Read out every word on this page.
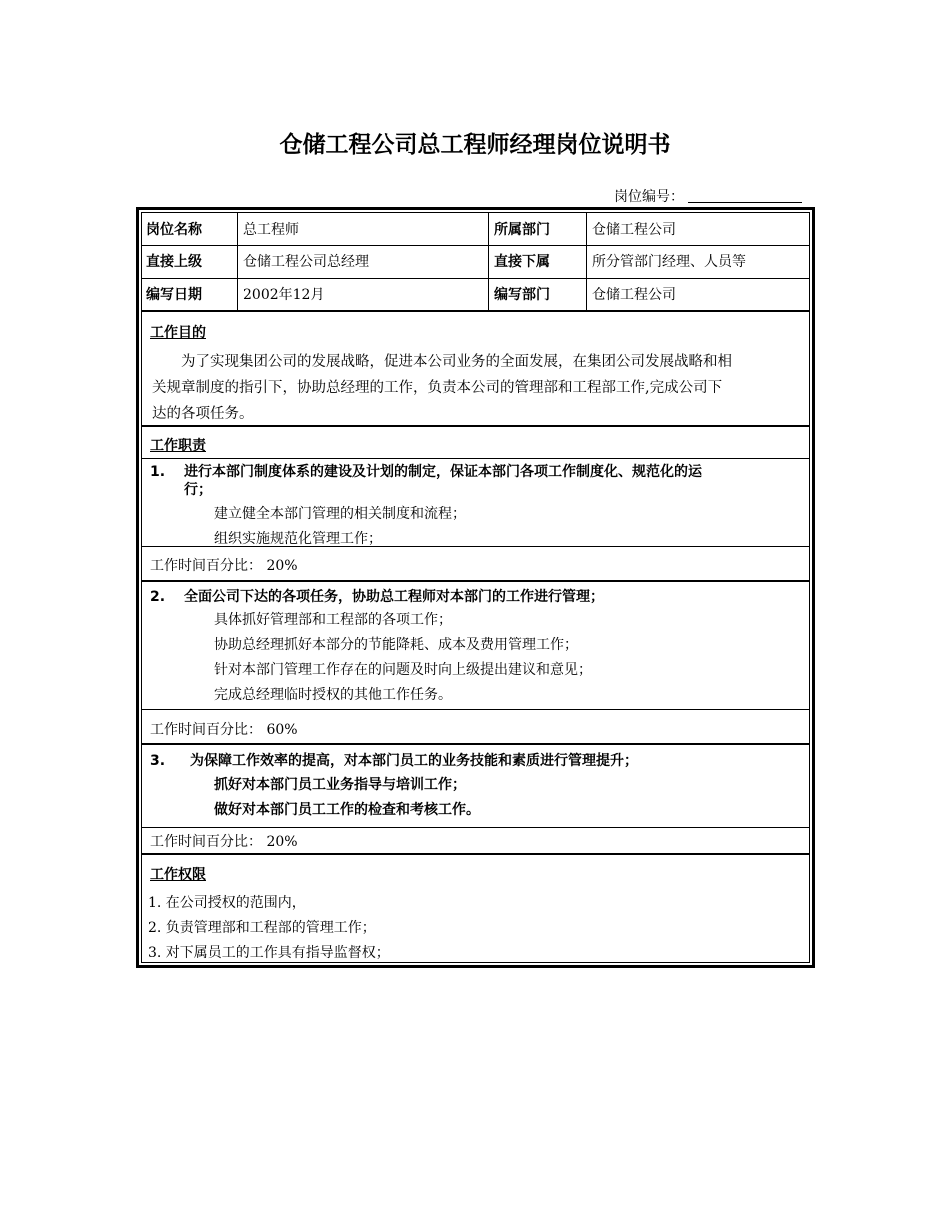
仓储工程公司总工程师经理岗位说明书
岗位编号：
岗位名称	总工程师	所属部门	仓储工程公司
直接上级	仓储工程公司总经理	直接下属	所分管部门经理、人员等
编写日期	2002年12月	编写部门	仓储工程公司
工作目的
为了实现集团公司的发展战略，促进本公司业务的全面发展，在集团公司发展战略和相
关规章制度的指引下，协助总经理的工作，负责本公司的管理部和工程部工作,完成公司下
达的各项任务。
工作职责
1. 进行本部门制度体系的建设及计划的制定，保证本部门各项工作制度化、规范化的运
行；
建立健全本部门管理的相关制度和流程；
组织实施规范化管理工作；
工作时间百分比： 20%
2. 全面公司下达的各项任务，协助总工程师对本部门的工作进行管理；
具体抓好管理部和工程部的各项工作；
协助总经理抓好本部分的节能降耗、成本及费用管理工作；
针对本部门管理工作存在的问题及时向上级提出建议和意见；
完成总经理临时授权的其他工作任务。
工作时间百分比： 60%
3. 为保障工作效率的提高，对本部门员工的业务技能和素质进行管理提升；
抓好对本部门员工业务指导与培训工作；
做好对本部门员工工作的检查和考核工作。
工作时间百分比： 20%
工作权限
1. 在公司授权的范围内，
2. 负责管理部和工程部的管理工作；
3. 对下属员工的工作具有指导监督权；
